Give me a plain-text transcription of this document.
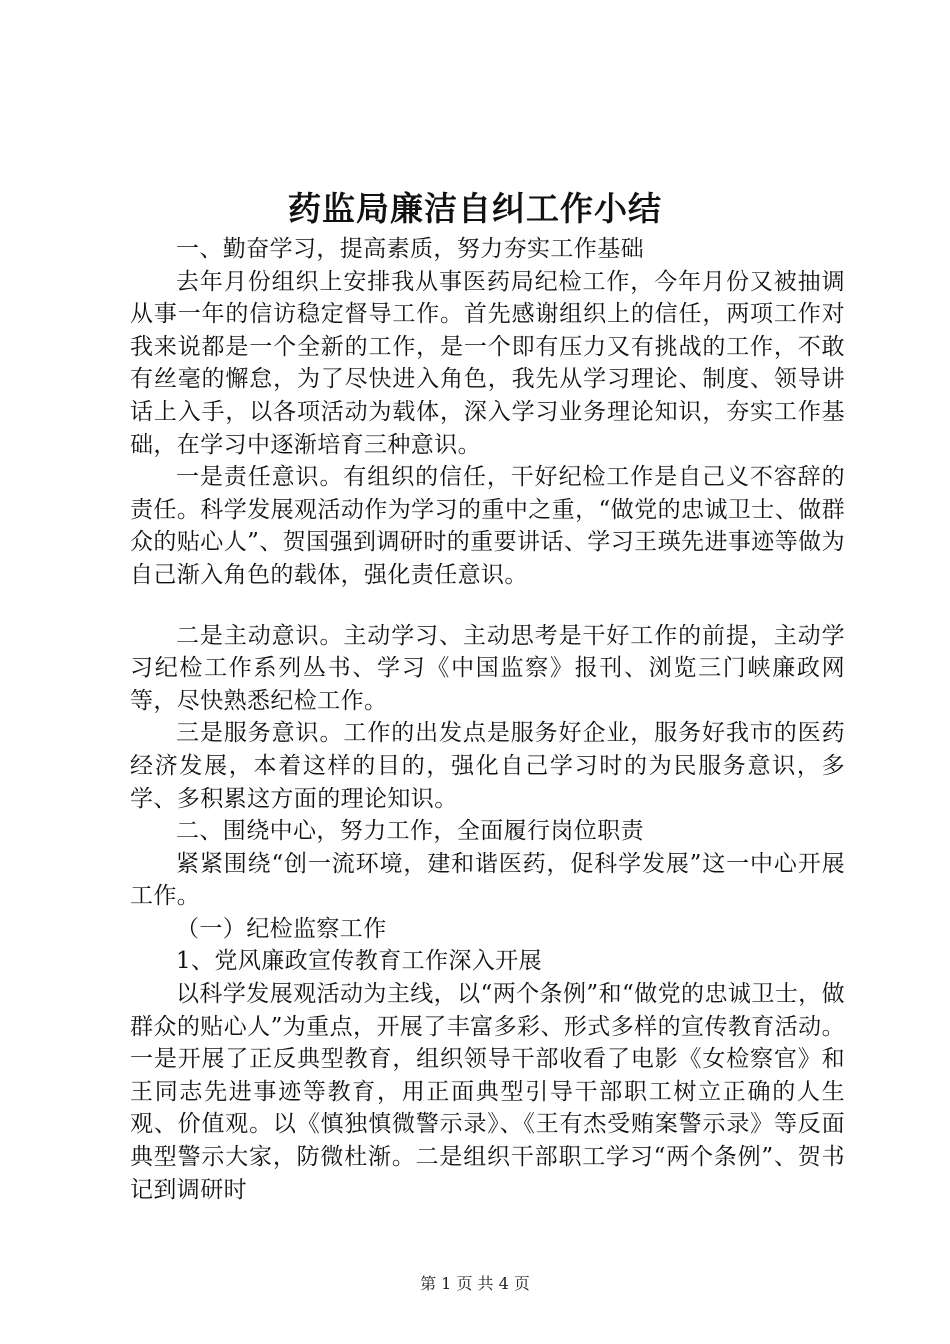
药监局廉洁自纠工作小结

一、勤奋学习，提高素质，努力夯实工作基础

去年月份组织上安排我从事医药局纪检工作，今年月份又被抽调从事一年的信访稳定督导工作。首先感谢组织上的信任，两项工作对我来说都是一个全新的工作，是一个即有压力又有挑战的工作，不敢有丝毫的懈怠，为了尽快进入角色，我先从学习理论、制度、领导讲话上入手，以各项活动为载体，深入学习业务理论知识，夯实工作基础，在学习中逐渐培育三种意识。

一是责任意识。有组织的信任，干好纪检工作是自己义不容辞的责任。科学发展观活动作为学习的重中之重，“做党的忠诚卫士、做群众的贴心人”、贺国强到调研时的重要讲话、学习王瑛先进事迹等做为自己渐入角色的载体，强化责任意识。

二是主动意识。主动学习、主动思考是干好工作的前提，主动学习纪检工作系列丛书、学习《中国监察》报刊、浏览三门峡廉政网等，尽快熟悉纪检工作。

三是服务意识。工作的出发点是服务好企业，服务好我市的医药经济发展，本着这样的目的，强化自己学习时的为民服务意识，多学、多积累这方面的理论知识。

二、围绕中心，努力工作，全面履行岗位职责

紧紧围绕“创一流环境，建和谐医药，促科学发展”这一中心开展工作。

（一）纪检监察工作

1、党风廉政宣传教育工作深入开展

以科学发展观活动为主线，以“两个条例”和“做党的忠诚卫士，做群众的贴心人”为重点，开展了丰富多彩、形式多样的宣传教育活动。一是开展了正反典型教育，组织领导干部收看了电影《女检察官》和王同志先进事迹等教育，用正面典型引导干部职工树立正确的人生观、价值观。以《慎独慎微警示录》、《王有杰受贿案警示录》等反面典型警示大家，防微杜渐。二是组织干部职工学习“两个条例”、贺书记到调研时

第 1 页 共 4 页
